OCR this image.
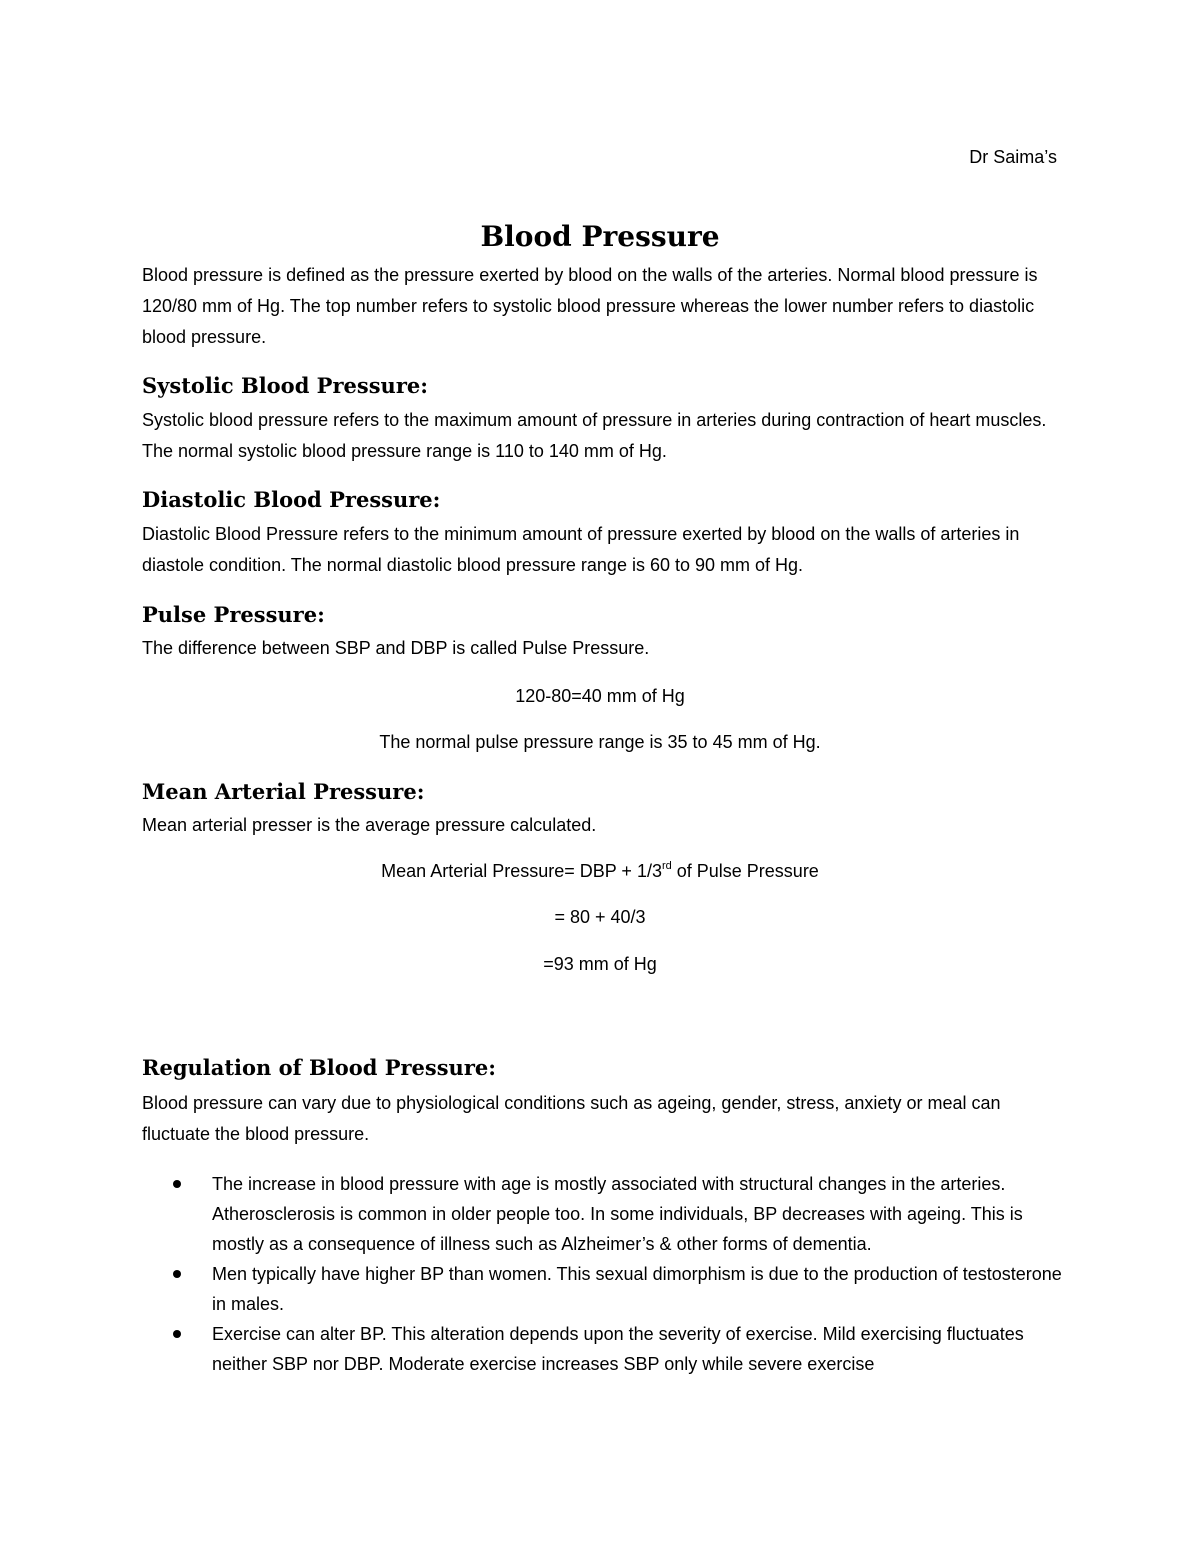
Dr Saima’s
Blood Pressure
Blood pressure is defined as the pressure exerted by blood on the walls of the arteries. Normal blood pressure is 120/80 mm of Hg. The top number refers to systolic blood pressure whereas the lower number refers to diastolic blood pressure.
Systolic Blood Pressure:
Systolic blood pressure refers to the maximum amount of pressure in arteries during contraction of heart muscles. The normal systolic blood pressure range is 110 to 140 mm of Hg.
Diastolic Blood Pressure:
Diastolic Blood Pressure refers to the minimum amount of pressure exerted by blood on the walls of arteries in diastole condition. The normal diastolic blood pressure range is 60 to 90 mm of Hg.
Pulse Pressure:
The difference between SBP and DBP is called Pulse Pressure.
120-80=40 mm of Hg
The normal pulse pressure range is 35 to 45 mm of Hg.
Mean Arterial Pressure:
Mean arterial presser is the average pressure calculated.
Mean Arterial Pressure= DBP + 1/3rd of Pulse Pressure
= 80 + 40/3
=93 mm of Hg
Regulation of Blood Pressure:
Blood pressure can vary due to physiological conditions such as ageing, gender, stress, anxiety or meal can fluctuate the blood pressure.
The increase in blood pressure with age is mostly associated with structural changes in the arteries. Atherosclerosis is common in older people too. In some individuals, BP decreases with ageing. This is mostly as a consequence of illness such as Alzheimer’s & other forms of dementia.
Men typically have higher BP than women. This sexual dimorphism is due to the production of testosterone in males.
Exercise can alter BP. This alteration depends upon the severity of exercise. Mild exercising fluctuates neither SBP nor DBP. Moderate exercise increases SBP only while severe exercise
